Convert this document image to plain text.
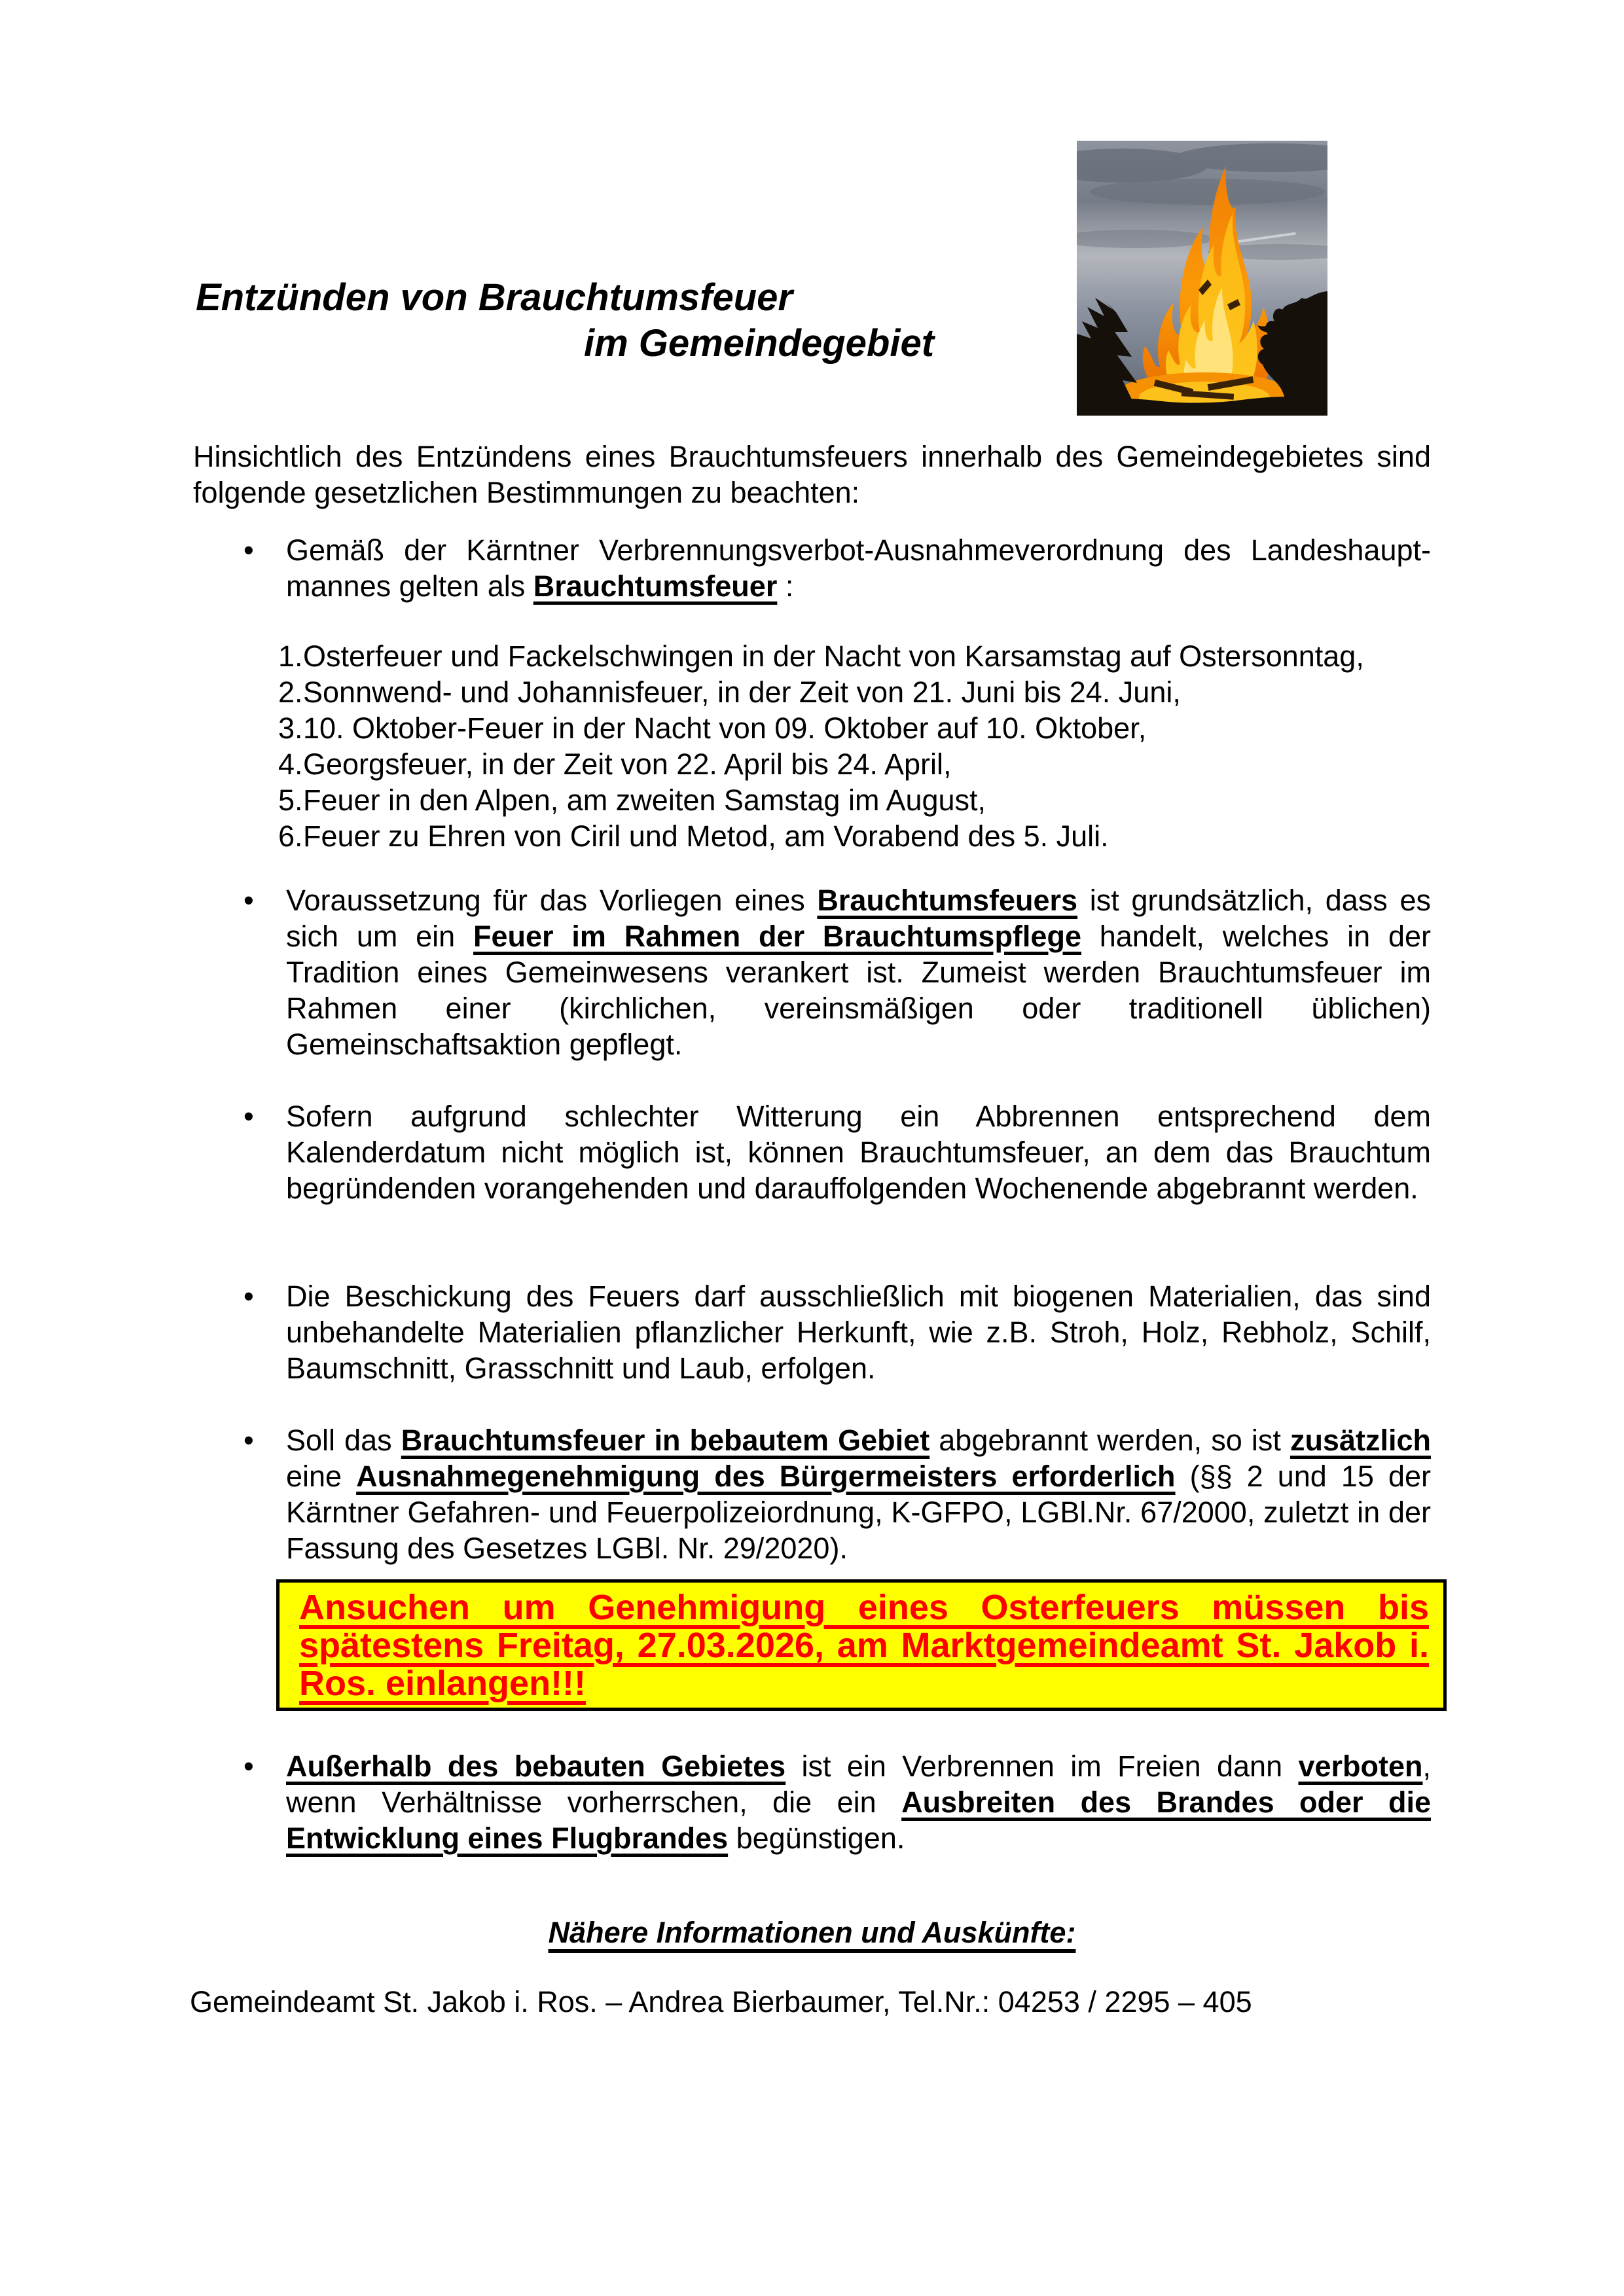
Entzünden von Brauchtumsfeuer
im Gemeindegebiet
Hinsichtlich des Entzündens eines Brauchtumsfeuers innerhalb des Gemeindegebietes sind folgende gesetzlichen Bestimmungen zu beachten:
• Gemäß der Kärntner Verbrennungsverbot-Ausnahmeverordnung des Landeshaupt-mannes gelten als Brauchtumsfeuer :
1.Osterfeuer und Fackelschwingen in der Nacht von Karsamstag auf Ostersonntag,
2.Sonnwend- und Johannisfeuer, in der Zeit von 21. Juni bis 24. Juni,
3.10. Oktober-Feuer in der Nacht von 09. Oktober auf 10. Oktober,
4.Georgsfeuer, in der Zeit von 22. April bis 24. April,
5.Feuer in den Alpen, am zweiten Samstag im August,
6.Feuer zu Ehren von Ciril und Metod, am Vorabend des 5. Juli.
• Voraussetzung für das Vorliegen eines Brauchtumsfeuers ist grundsätzlich, dass es sich um ein Feuer im Rahmen der Brauchtumspflege handelt, welches in der Tradition eines Gemeinwesens verankert ist. Zumeist werden Brauchtumsfeuer im Rahmen einer (kirchlichen, vereinsmäßigen oder traditionell üblichen) Gemeinschaftsaktion gepflegt.
• Sofern aufgrund schlechter Witterung ein Abbrennen entsprechend dem Kalenderdatum nicht möglich ist, können Brauchtumsfeuer, an dem das Brauchtum begründenden vorangehenden und darauffolgenden Wochenende abgebrannt werden.
• Die Beschickung des Feuers darf ausschließlich mit biogenen Materialien, das sind unbehandelte Materialien pflanzlicher Herkunft, wie z.B. Stroh, Holz, Rebholz, Schilf, Baumschnitt, Grasschnitt und Laub, erfolgen.
• Soll das Brauchtumsfeuer in bebautem Gebiet abgebrannt werden, so ist zusätzlich eine Ausnahmegenehmigung des Bürgermeisters erforderlich (§§ 2 und 15 der Kärntner Gefahren- und Feuerpolizeiordnung, K-GFPO, LGBl.Nr. 67/2000, zuletzt in der Fassung des Gesetzes LGBl. Nr. 29/2020).
Ansuchen um Genehmigung eines Osterfeuers müssen bis spätestens Freitag, 27.03.2026, am Marktgemeindeamt St. Jakob i. Ros. einlangen!!!
• Außerhalb des bebauten Gebietes ist ein Verbrennen im Freien dann verboten, wenn Verhältnisse vorherrschen, die ein Ausbreiten des Brandes oder die Entwicklung eines Flugbrandes begünstigen.
Nähere Informationen und Auskünfte:
Gemeindeamt St. Jakob i. Ros. – Andrea Bierbaumer, Tel.Nr.: 04253 / 2295 – 405
